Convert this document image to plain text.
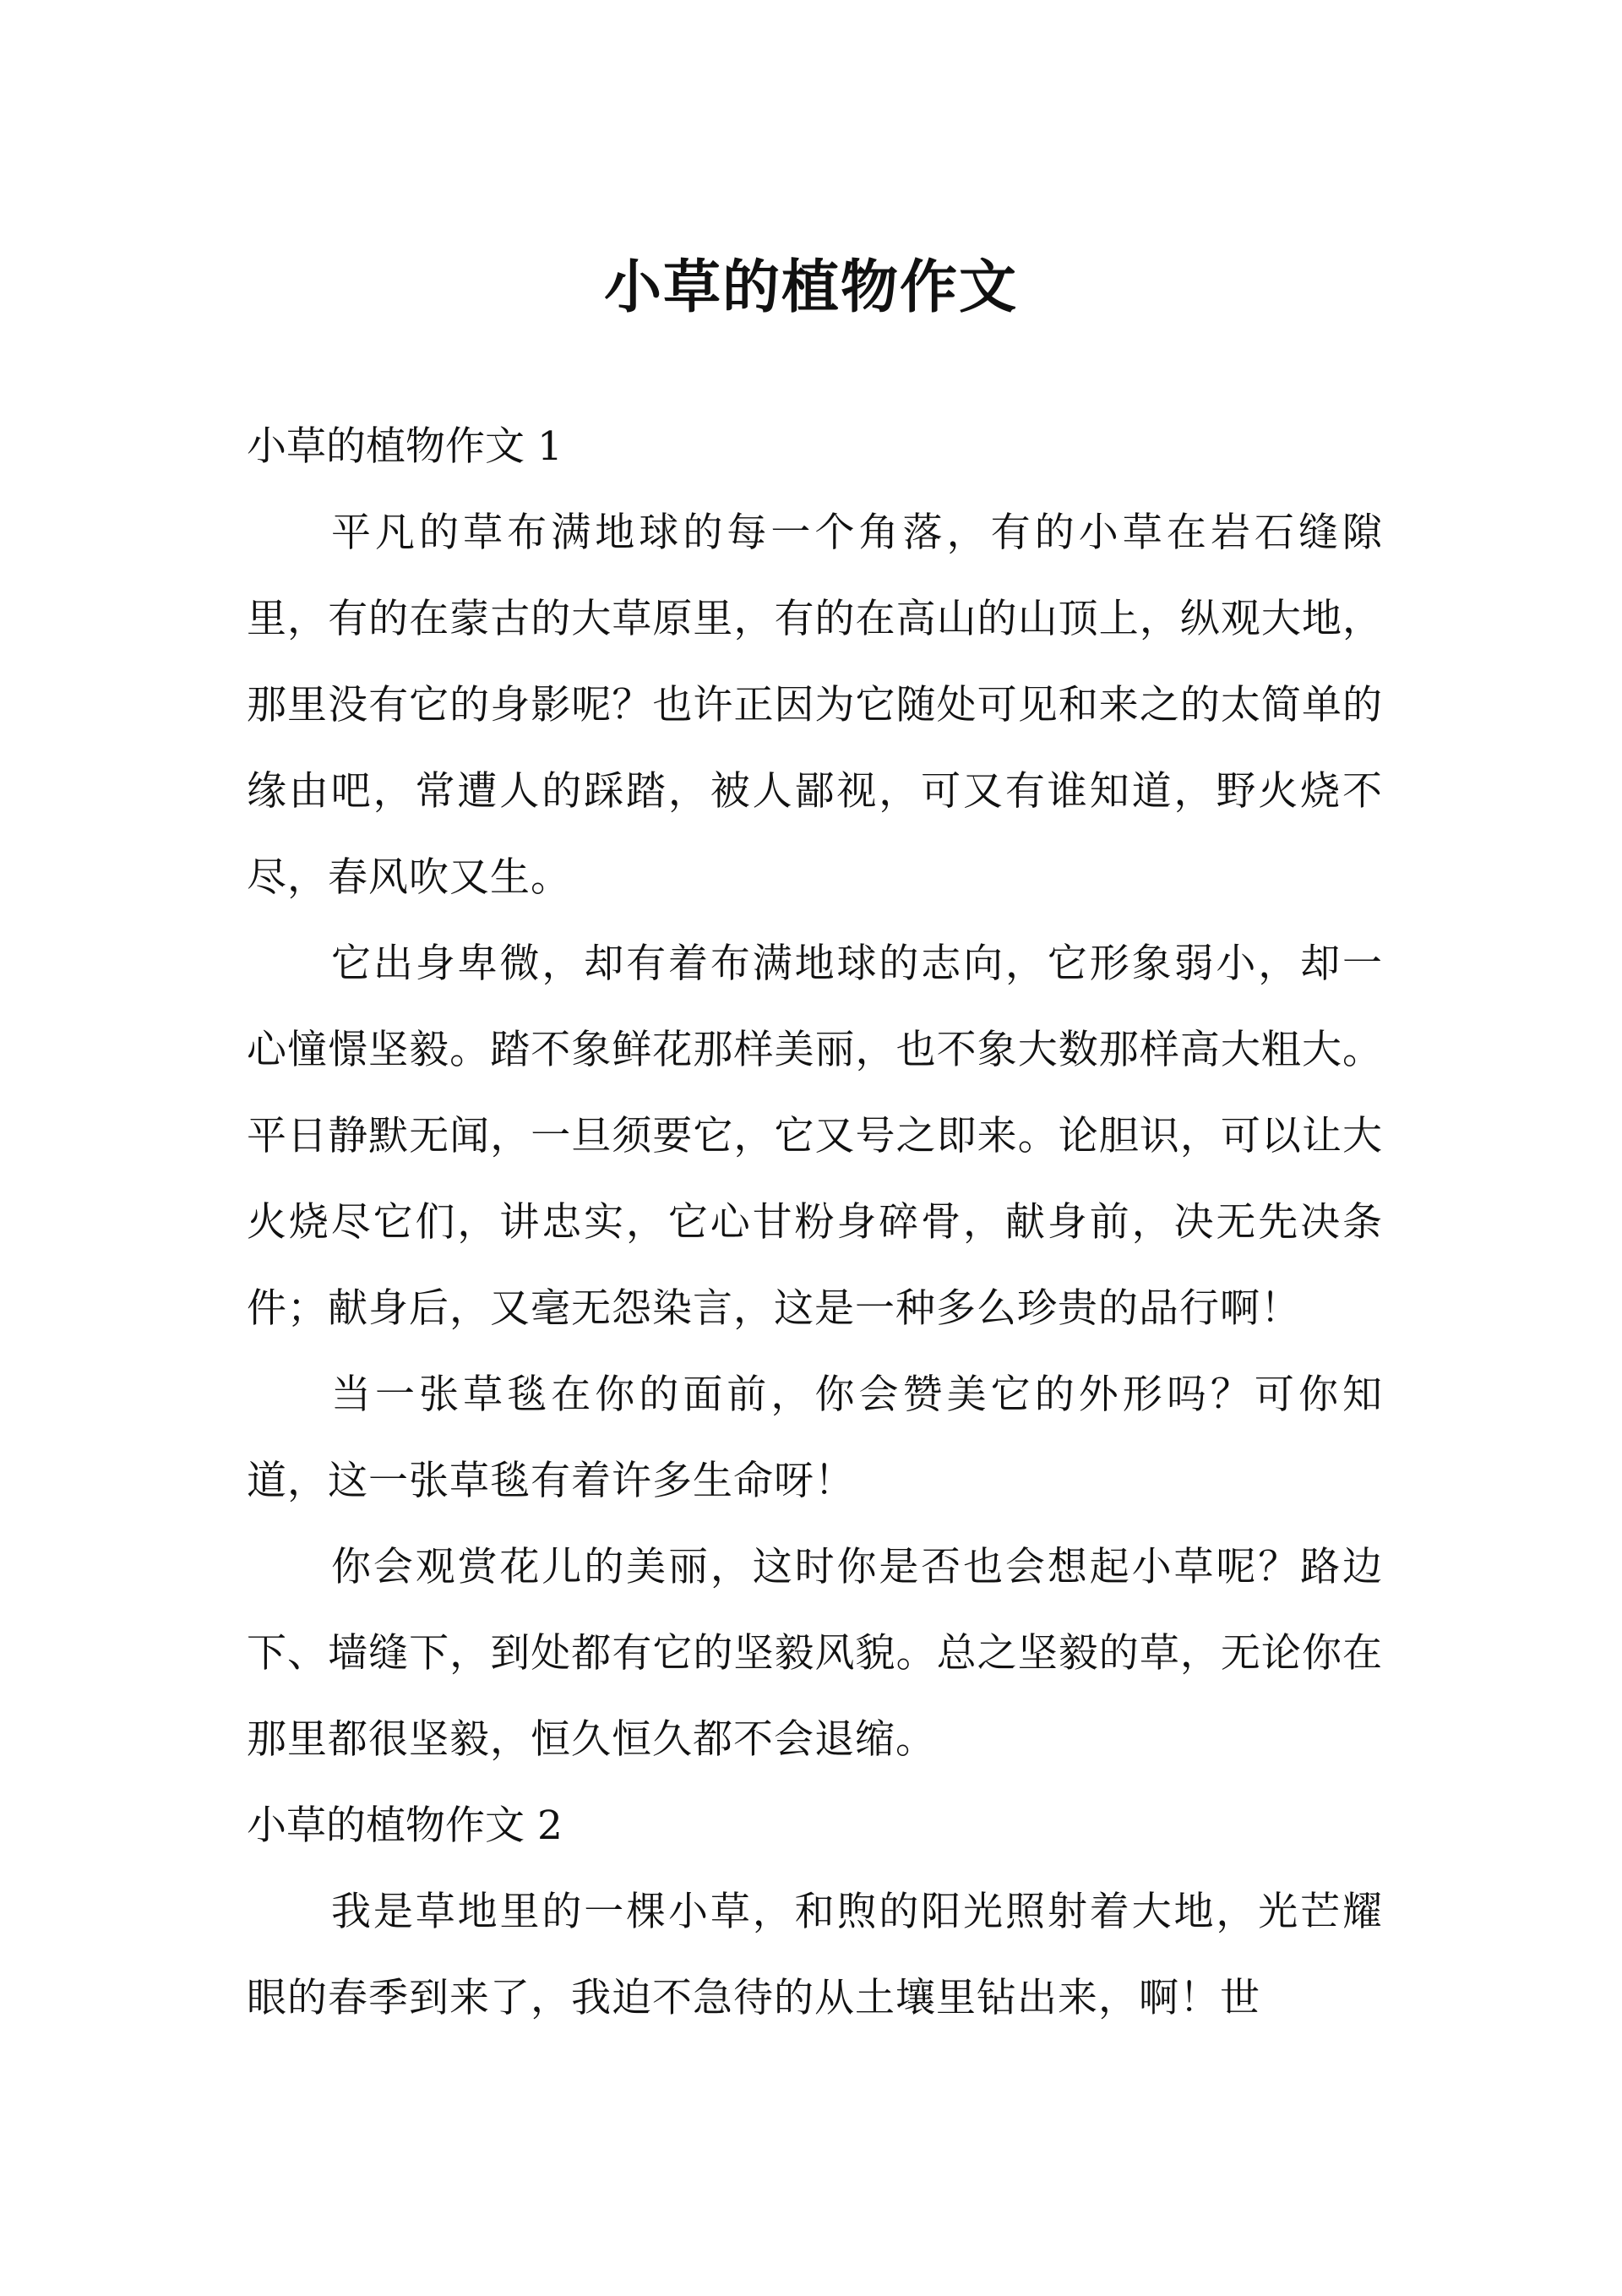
小草的植物作文

小草的植物作文 1

平凡的草布满地球的每一个角落，有的小草在岩石缝隙里，有的在蒙古的大草原里，有的在高山的山顶上，纵观大地，那里没有它的身影呢？也许正因为它随处可见和来之的太简单的缘由吧，常遭人的踩踏，被人鄙视，可又有谁知道，野火烧不尽，春风吹又生。

它出身卑微，却有着布满地球的志向，它形象弱小，却一心憧憬坚毅。踏不象鲜花那样美丽，也不象大数那样高大粗大。平日静默无闻，一旦须要它，它又号之即来。论胆识，可以让大火烧尽它们，讲忠实，它心甘粉身碎骨，献身前，决无先决条件；献身后，又毫无怨染言，这是一种多么珍贵的品行啊！

当一张草毯在你的面前，你会赞美它的外形吗？可你知道，这一张草毯有着许多生命呀！

你会观赏花儿的美丽，这时你是否也会想起小草呢？路边下、墙缝下，到处都有它的坚毅风貌。总之坚毅的草，无论你在那里都很坚毅，恒久恒久都不会退缩。

小草的植物作文 2

我是草地里的一棵小草，和煦的阳光照射着大地，光芒耀眼的春季到来了，我迫不急待的从土壤里钻出来，啊！世
